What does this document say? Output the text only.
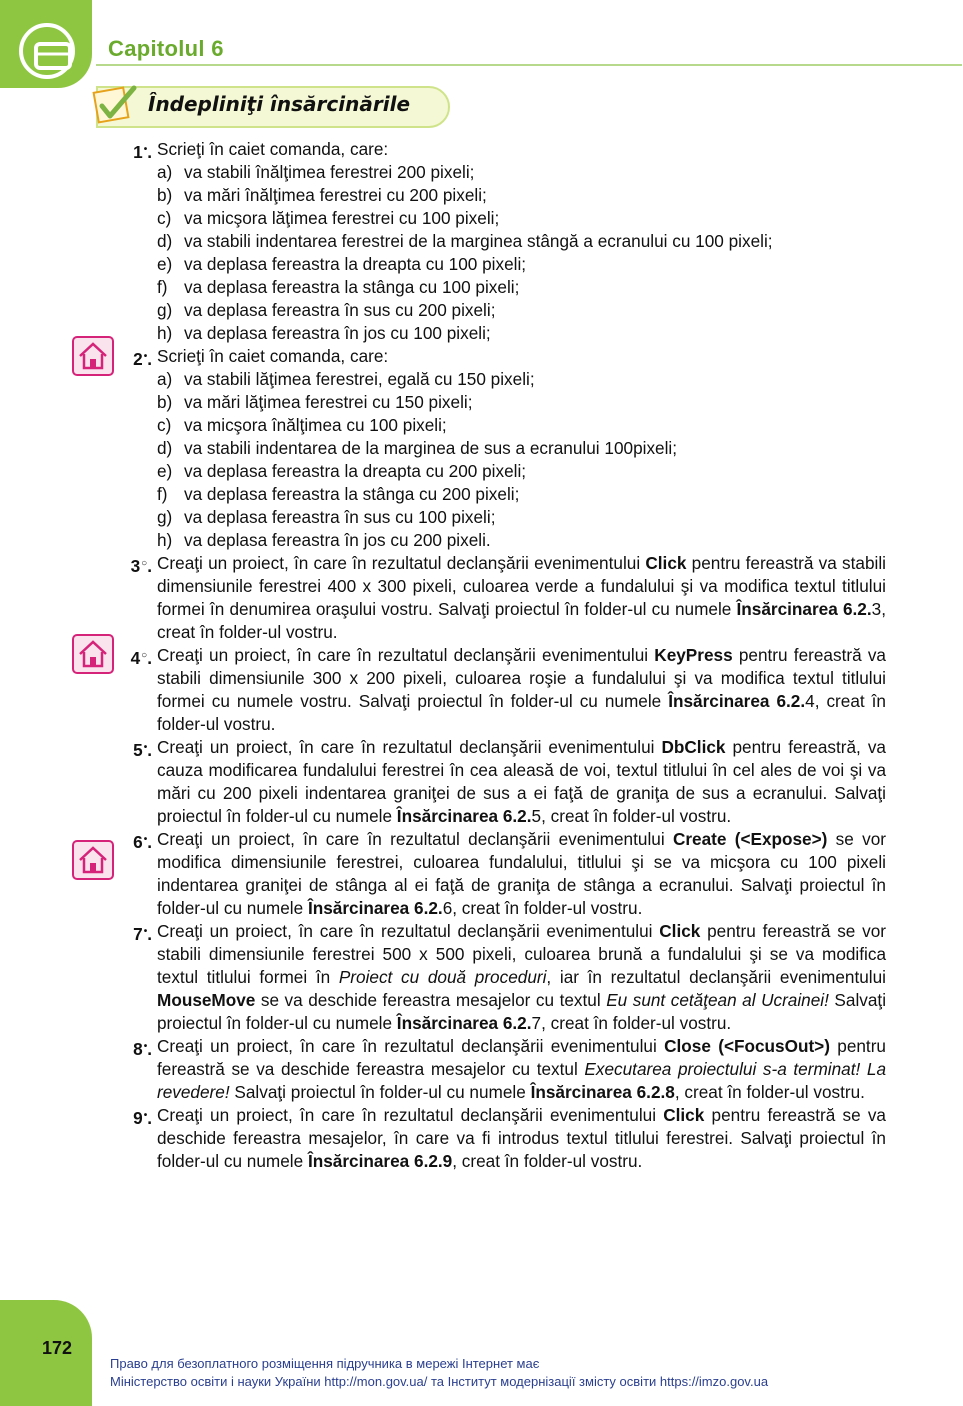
Capitolul 6
Îndepliniţi însărcinările
1•. Scrieţi în caiet comanda, care:
a) va stabili înălţimea ferestrei 200 pixeli;
b) va mări înălţimea ferestrei cu 200 pixeli;
c) va micşora lăţimea ferestrei cu 100 pixeli;
d) va stabili indentarea ferestrei de la marginea stângă a ecranului cu 100 pixeli;
e) va deplasa fereastra la dreapta cu 100 pixeli;
f) va deplasa fereastra la stânga cu 100 pixeli;
g) va deplasa fereastra în sus cu 200 pixeli;
h) va deplasa fereastra în jos cu 100 pixeli;
2•. Scrieţi în caiet comanda, care:
a) va stabili lăţimea ferestrei, egală cu 150 pixeli;
b) va mări lăţimea ferestrei cu 150 pixeli;
c) va micşora înălţimea cu 100 pixeli;
d) va stabili indentarea de la marginea de sus a ecranului 100pixeli;
e) va deplasa fereastra la dreapta cu 200 pixeli;
f) va deplasa fereastra la stânga cu 200 pixeli;
g) va deplasa fereastra în sus cu 100 pixeli;
h) va deplasa fereastra în jos cu 200 pixeli.
3○. Creaţi un proiect, în care în rezultatul declanşării evenimentului Click pentru fereastră va stabili dimensiunile ferestrei 400 x 300 pixeli, culoarea verde a fundalului şi va modifica textul titlului formei în denumirea oraşului vostru. Salvaţi proiectul în folder-ul cu numele Însărcinarea 6.2.3, creat în folder-ul vostru.
4○. Creaţi un proiect, în care în rezultatul declanşării evenimentului KeyPress pentru fereastră va stabili dimensiunile 300 x 200 pixeli, culoarea roşie a fundalului şi va modifica textul titlului formei cu numele vostru. Salvaţi proiectul în folder-ul cu numele Însărcinarea 6.2.4, creat în folder-ul vostru.
5•. Creaţi un proiect, în care în rezultatul declanşării evenimentului DbClick pentru fereastră, va cauza modificarea fundalului ferestrei în cea aleasă de voi, textul titlului în cel ales de voi şi va mări cu 200 pixeli indentarea graniţei de sus a ei faţă de graniţa de sus a ecranului. Salvaţi proiectul în folder-ul cu numele Însărcinarea 6.2.5, creat în folder-ul vostru.
6•. Creaţi un proiect, în care în rezultatul declanşării evenimentului Create (<Expose>) se vor modifica dimensiunile ferestrei, culoarea fundalului, titlului şi se va micşora cu 100 pixeli indentarea graniţei de stânga al ei faţă de graniţa de stânga a ecranului. Salvaţi proiectul în folder-ul cu numele Însărcinarea 6.2.6, creat în folder-ul vostru.
7•. Creaţi un proiect, în care în rezultatul declanşării evenimentului Click pentru fereastră se vor stabili dimensiunile ferestrei 500 x 500 pixeli, culoarea brună a fundalului şi se va modifica textul titlului formei în Proiect cu două proceduri, iar în rezultatul declanşării evenimentului MouseMove se va deschide fereastra mesajelor cu textul Eu sunt cetăţean al Ucrainei! Salvaţi proiectul în folder-ul cu numele Însărcinarea 6.2.7, creat în folder-ul vostru.
8•. Creaţi un proiect, în care în rezultatul declanşării evenimentului Close (<FocusOut>) pentru fereastră se va deschide fereastra mesajelor cu textul Executarea proiectului s-a terminat! La revedere! Salvaţi proiectul în folder-ul cu numele Însărcinarea 6.2.8, creat în folder-ul vostru.
9•. Creaţi un proiect, în care în rezultatul declanşării evenimentului Click pentru fereastră se va deschide fereastra mesajelor, în care va fi introdus textul titlului ferestrei. Salvaţi proiectul în folder-ul cu numele Însărcinarea 6.2.9, creat în folder-ul vostru.
172
Право для безоплатного розміщення підручника в мережі Інтернет має
Міністерство освіти і науки України http://mon.gov.ua/ та Інститут модернізації змісту освіти https://imzo.gov.ua
